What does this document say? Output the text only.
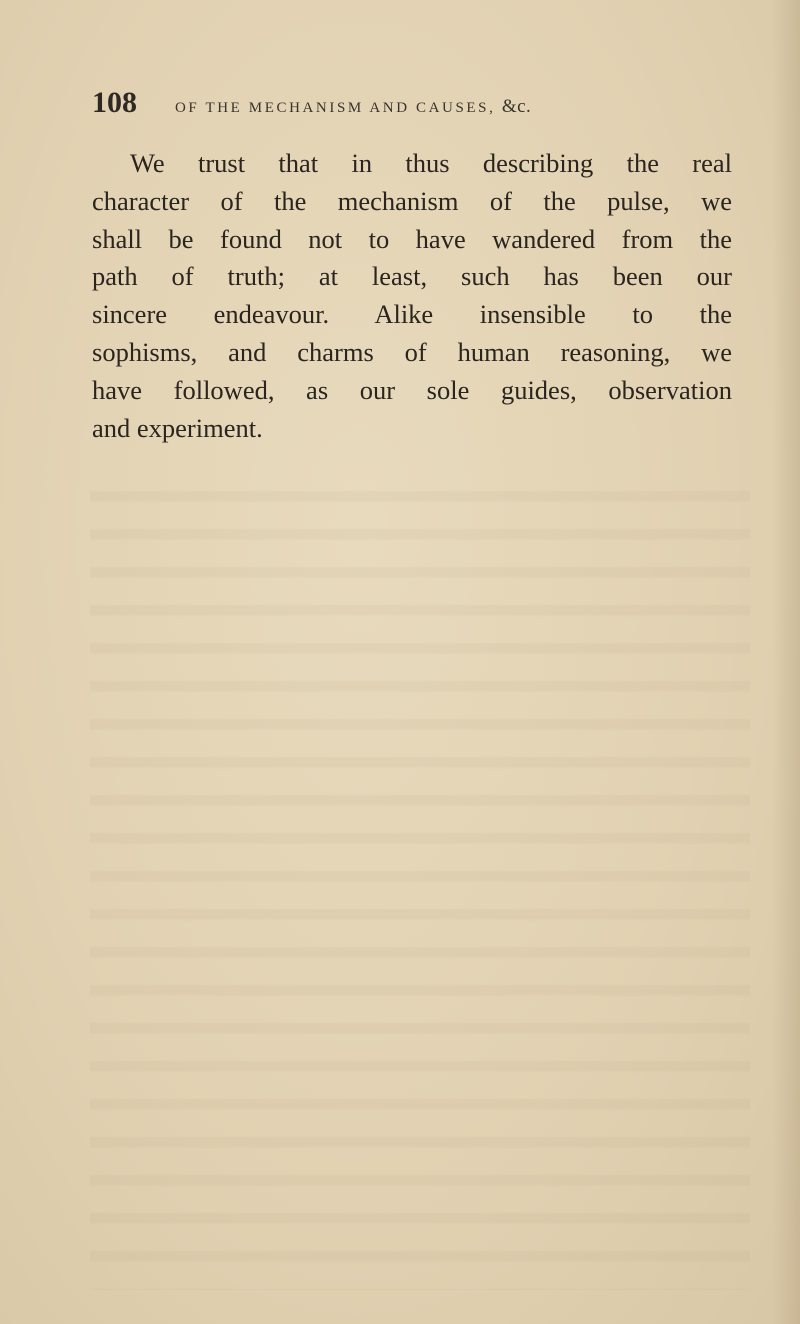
108	OF THE MECHANISM AND CAUSES, &c.
We trust that in thus describing the real
character of the mechanism of the pulse, we
shall be found not to have wandered from the
path of truth; at least, such has been our
sincere endeavour. Alike insensible to the
sophisms, and charms of human reasoning, we
have followed, as our sole guides, observation
and experiment.
